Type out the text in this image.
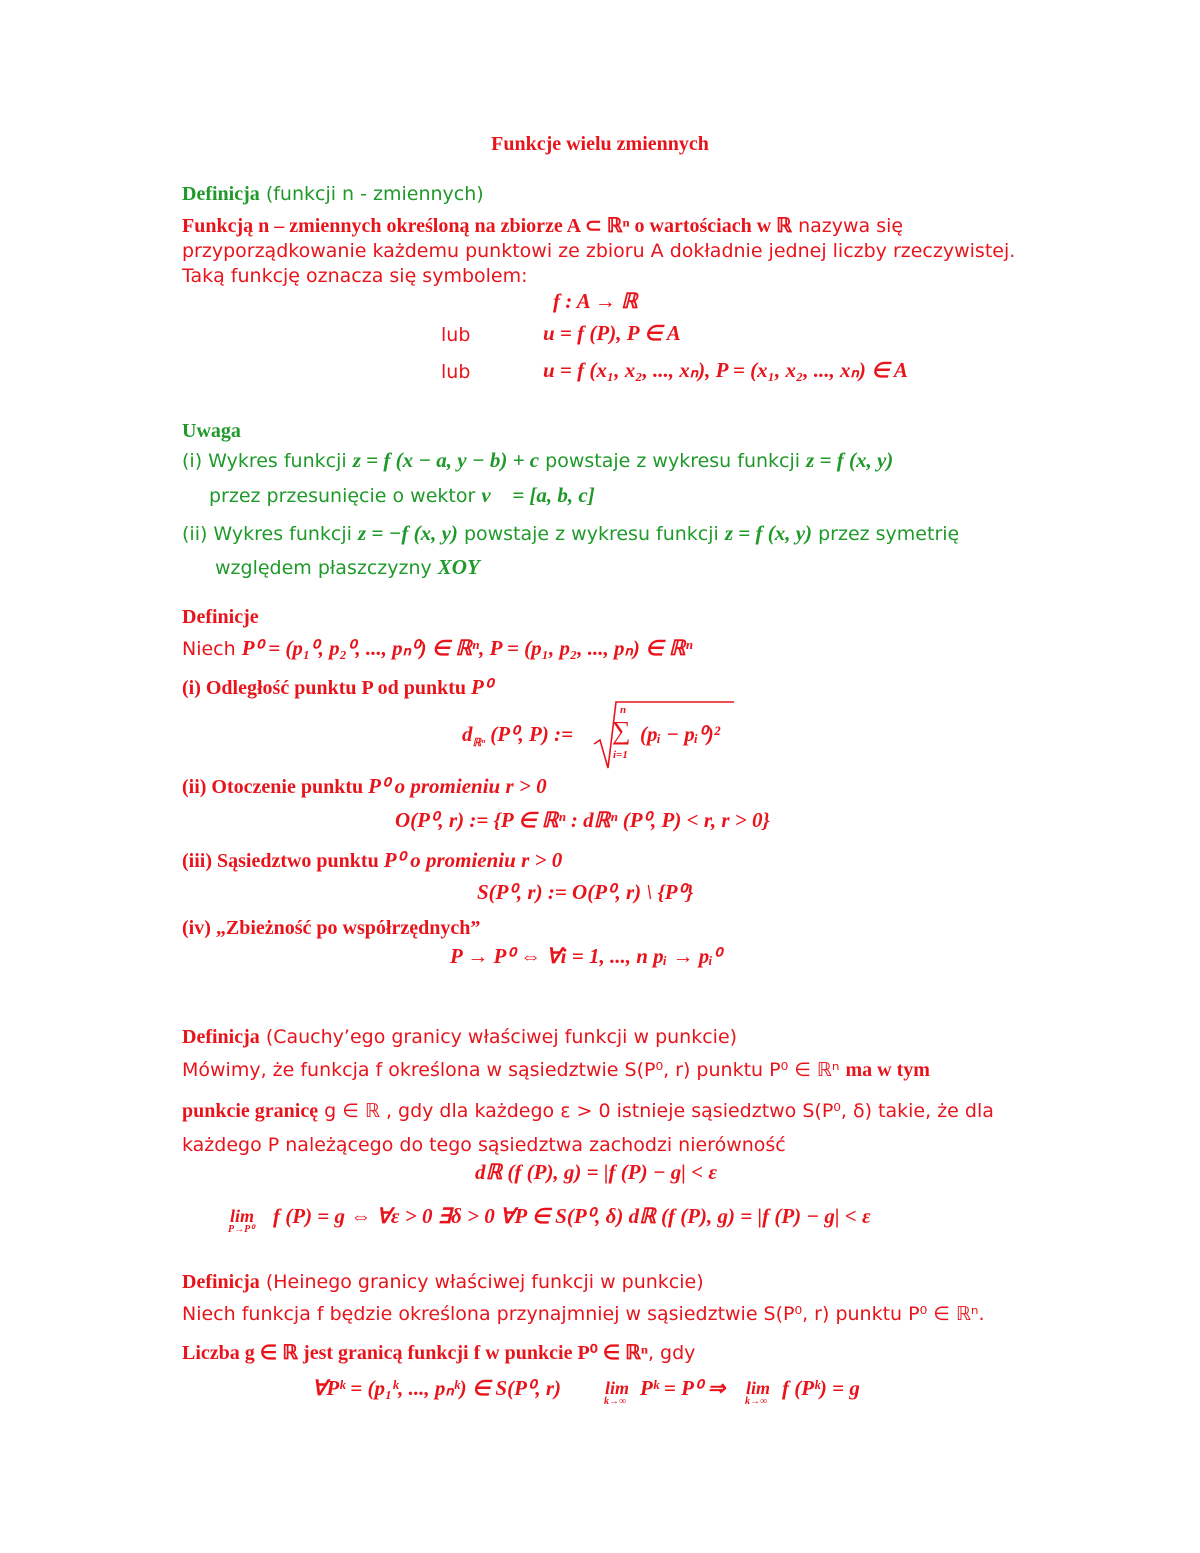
Funkcje wielu zmiennych
Definicja (funkcji n - zmiennych)
Funkcją n – zmiennych określoną na zbiorze A ⊂ ℝⁿ o wartościach w ℝ nazywa się
przyporządkowanie każdemu punktowi ze zbioru A dokładnie jednej liczby rzeczywistej.
Taką funkcję oznacza się symbolem:
f : A → ℝ
lub	u = f (P), P ∈ A
lub	u = f (x₁, x₂, ..., xₙ), P = (x₁, x₂, ..., xₙ) ∈ A
Uwaga
(i) Wykres funkcji z = f (x − a, y − b) + c powstaje z wykresu funkcji z = f (x, y)
przez przesunięcie o wektor v⃗ = [a, b, c]
(ii) Wykres funkcji z = −f (x, y) powstaje z wykresu funkcji z = f (x, y) przez symetrię
względem płaszczyzny XOY
Definicje
Niech P⁰ = (p₁⁰, p₂⁰, ..., pₙ⁰) ∈ ℝⁿ, P = (p₁, p₂, ..., pₙ) ∈ ℝⁿ
(i) Odległość punktu P od punktu P⁰
$d_{ℝ^n}$ (P⁰, P) :=
n
∑
i=1
(pᵢ − pᵢ⁰)²
(ii) Otoczenie punktu P⁰ o promieniu r > 0
O(P⁰, r) := {P ∈ ℝⁿ : dℝⁿ (P⁰, P) < r, r > 0}
(iii) Sąsiedztwo punktu P⁰ o promieniu r > 0
S(P⁰, r) := O(P⁰, r) \ {P⁰}
(iv) „Zbieżność po współrzędnych”
P → P⁰ ⇔ ∀i = 1, ..., n pᵢ → pᵢ⁰
Definicja (Cauchy’ego granicy właściwej funkcji w punkcie)
Mówimy, że funkcja f określona w sąsiedztwie S(P⁰, r) punktu P⁰ ∈ ℝⁿ ma w tym
punkcie granicę g ∈ ℝ , gdy dla każdego ε > 0 istnieje sąsiedztwo S(P⁰, δ) takie, że dla
każdego P należącego do tego sąsiedztwa zachodzi nierówność
dℝ (f (P), g) = |f (P) − g| < ε
lim
P→P⁰
f (P) = g ⇔ ∀ε > 0 ∃δ > 0 ∀P ∈ S(P⁰, δ) dℝ (f (P), g) = |f (P) − g| < ε
Definicja (Heinego granicy właściwej funkcji w punkcie)
Niech funkcja f będzie określona przynajmniej w sąsiedztwie S(P⁰, r) punktu P⁰ ∈ ℝⁿ.
Liczba g ∈ ℝ jest granicą funkcji f w punkcie P⁰ ∈ ℝⁿ, gdy
∀Pᵏ = (p₁ᵏ, ..., pₙᵏ) ∈ S(P⁰, r) lim
k→∞
Pᵏ = P⁰ ⇒ lim
k→∞
f (Pᵏ) = g
